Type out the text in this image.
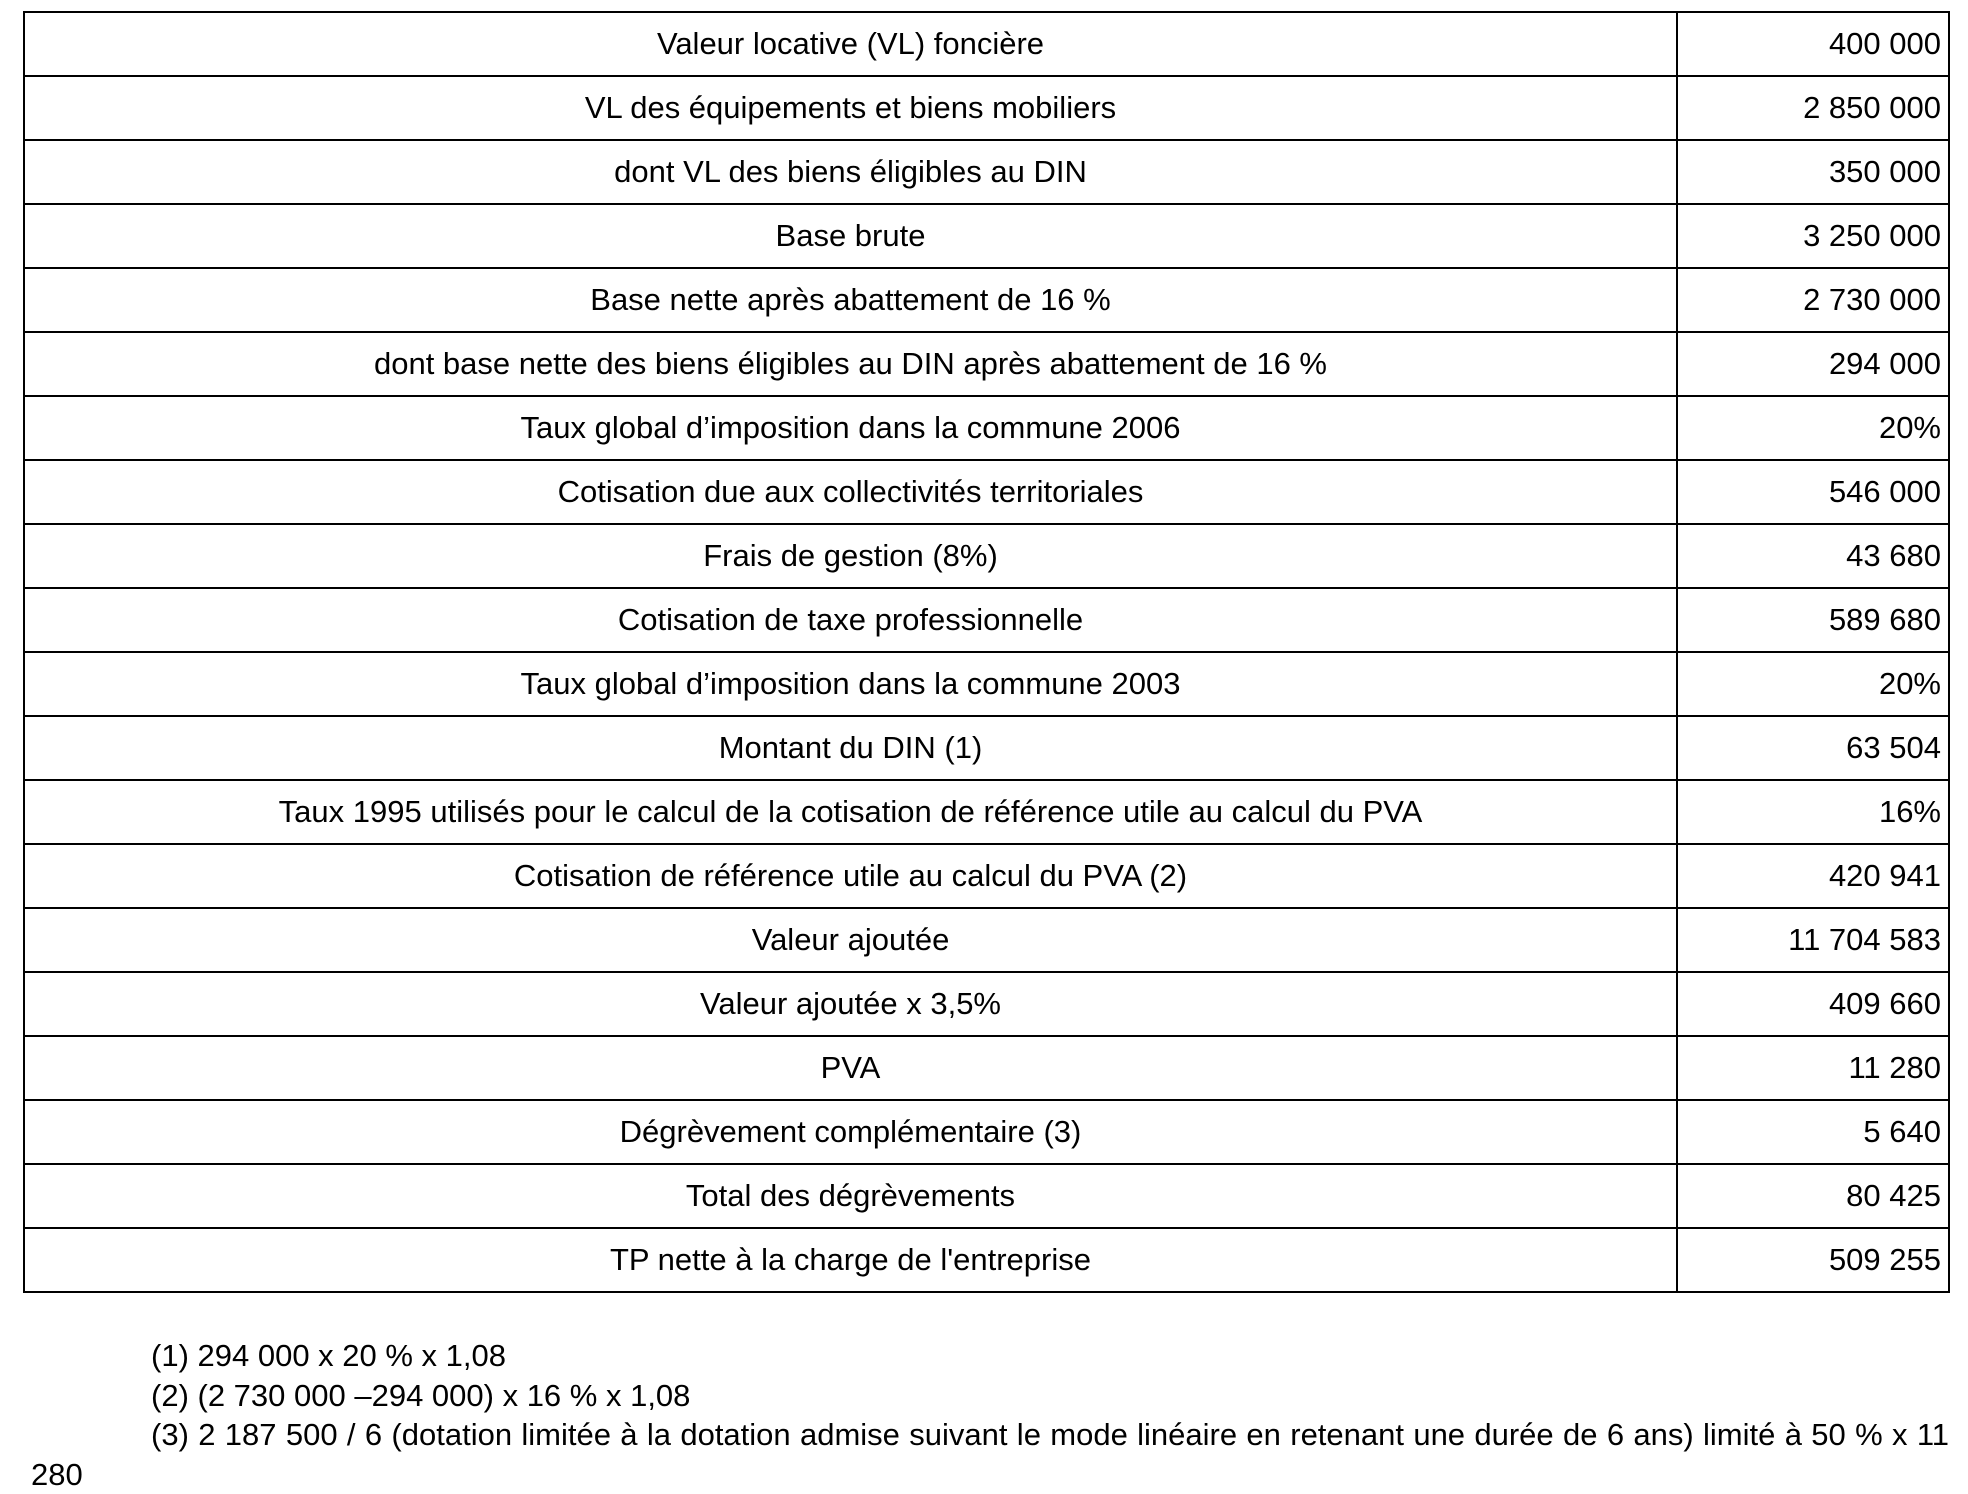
Valeur locative (VL) foncière	400 000
VL des équipements et biens mobiliers	2 850 000
dont VL des biens éligibles au DIN	350 000
Base brute	3 250 000
Base nette après abattement de 16 %	2 730 000
dont base nette des biens éligibles au DIN après abattement de 16 %	294 000
Taux global d’imposition dans la commune 2006	20%
Cotisation due aux collectivités territoriales	546 000
Frais de gestion (8%)	43 680
Cotisation de taxe professionnelle	589 680
Taux global d’imposition dans la commune 2003	20%
Montant du DIN (1)	63 504
Taux 1995 utilisés pour le calcul de la cotisation de référence utile au calcul du PVA	16%
Cotisation de référence utile au calcul du PVA (2)	420 941
Valeur ajoutée	11 704 583
Valeur ajoutée x 3,5%	409 660
PVA	11 280
Dégrèvement complémentaire (3)	5 640
Total des dégrèvements	80 425
TP nette à la charge de l'entreprise	509 255
(1) 294 000 x 20 % x 1,08
(2) (2 730 000 –294 000) x 16 % x 1,08
(3) 2 187 500 / 6 (dotation limitée à la dotation admise suivant le mode linéaire en retenant une durée de 6 ans) limité à 50 % x 11 280
